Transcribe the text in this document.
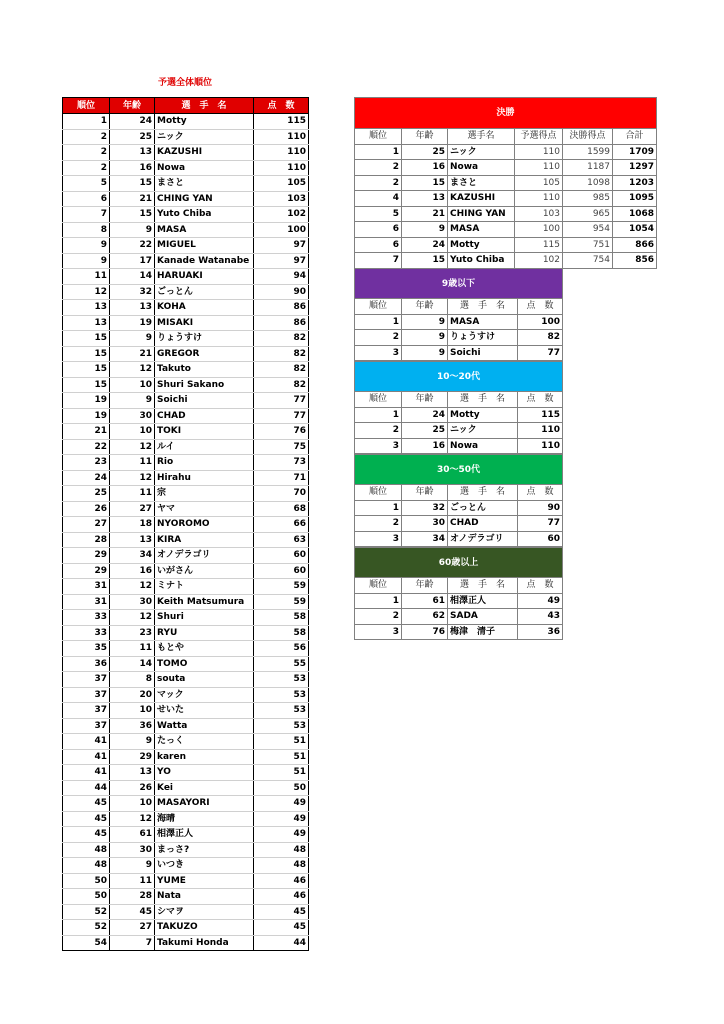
予選全体順位
順位	年齢	選　手　名	点　数
1	24	Motty	115
2	25	ニック	110
2	13	KAZUSHI	110
2	16	Nowa	110
5	15	まさと	105
6	21	CHING YAN	103
7	15	Yuto Chiba	102
8	9	MASA	100
9	22	MIGUEL	97
9	17	Kanade Watanabe	97
11	14	HARUAKI	94
12	32	ごっとん	90
13	13	KOHA	86
13	19	MISAKI	86
15	9	りょうすけ	82
15	21	GREGOR	82
15	12	Takuto	82
15	10	Shuri Sakano	82
19	9	Soichi	77
19	30	CHAD	77
21	10	TOKI	76
22	12	ルイ	75
23	11	Rio	73
24	12	Hirahu	71
25	11	宗	70
26	27	ヤマ	68
27	18	NYOROMO	66
28	13	KIRA	63
29	34	オノデラゴリ	60
29	16	いがさん	60
31	12	ミナト	59
31	30	Keith Matsumura	59
33	12	Shuri	58
33	23	RYU	58
35	11	もとや	56
36	14	TOMO	55
37	8	souta	53
37	20	マック	53
37	10	せいた	53
37	36	Watta	53
41	9	たっく	51
41	29	karen	51
41	13	YO	51
44	26	Kei	50
45	10	MASAYORI	49
45	12	海晴	49
45	61	相澤正人	49
48	30	まっさ?	48
48	9	いつき	48
50	11	YUME	46
50	28	Nata	46
52	45	シマヲ	45
52	27	TAKUZO	45
54	7	Takumi Honda	44
決勝					
順位	年齢	選手名	予選得点	決勝得点	合計
1	25	ニック	110	1599	1709
2	16	Nowa	110	1187	1297
2	15	まさと	105	1098	1203
4	13	KAZUSHI	110	985	1095
5	21	CHING YAN	103	965	1068
6	9	MASA	100	954	1054
6	24	Motty	115	751	866
7	15	Yuto Chiba	102	754	856
9歳以下			
順位	年齢	選　手　名	点　数
1	9	MASA	100
2	9	りょうすけ	82
3	9	Soichi	77
10～20代			
順位	年齢	選　手　名	点　数
1	24	Motty	115
2	25	ニック	110
3	16	Nowa	110
30～50代			
順位	年齢	選　手　名	点　数
1	32	ごっとん	90
2	30	CHAD	77
3	34	オノデラゴリ	60
60歳以上			
順位	年齢	選　手　名	点　数
1	61	相澤正人	49
2	62	SADA	43
3	76	梅津　清子	36
